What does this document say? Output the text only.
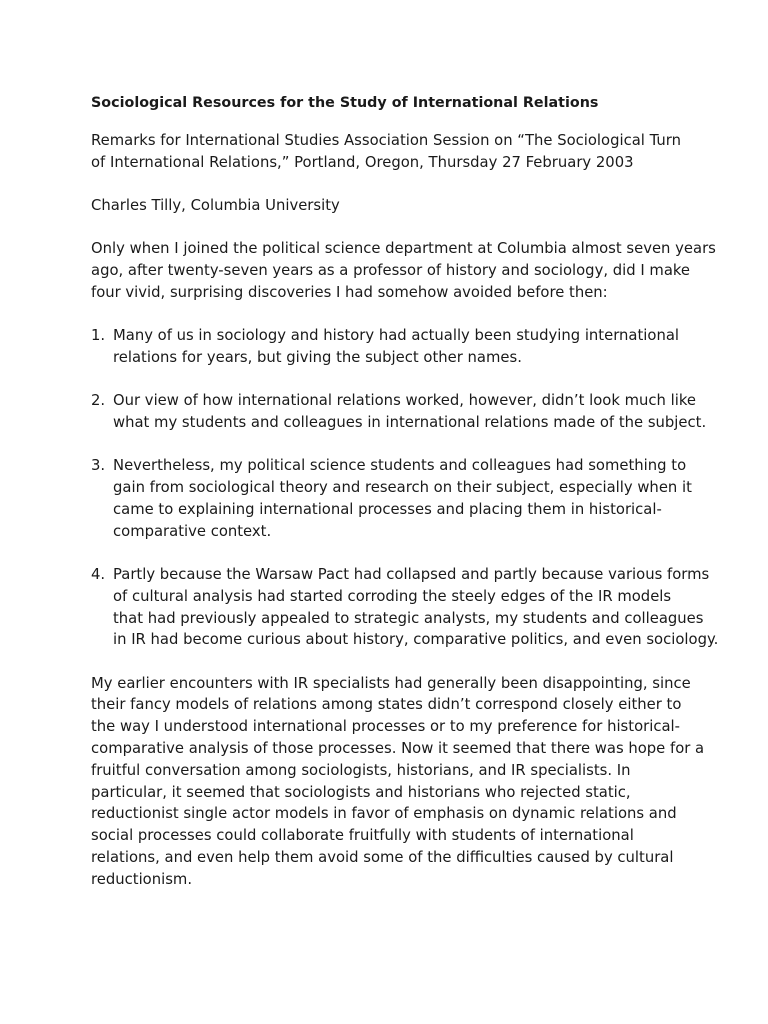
Sociological Resources for the Study of International Relations
Remarks for International Studies Association Session on “The Sociological Turn
of International Relations,” Portland, Oregon, Thursday 27 February 2003
Charles Tilly, Columbia University
Only when I joined the political science department at Columbia almost seven years
ago, after twenty-seven years as a professor of history and sociology, did I make
four vivid, surprising discoveries I had somehow avoided before then:
1. Many of us in sociology and history had actually been studying international
relations for years, but giving the subject other names.
2. Our view of how international relations worked, however, didn’t look much like
what my students and colleagues in international relations made of the subject.
3. Nevertheless, my political science students and colleagues had something to
gain from sociological theory and research on their subject, especially when it
came to explaining international processes and placing them in historical-
comparative context.
4. Partly because the Warsaw Pact had collapsed and partly because various forms
of cultural analysis had started corroding the steely edges of the IR models
that had previously appealed to strategic analysts, my students and colleagues
in IR had become curious about history, comparative politics, and even sociology.
My earlier encounters with IR specialists had generally been disappointing, since
their fancy models of relations among states didn’t correspond closely either to
the way I understood international processes or to my preference for historical-
comparative analysis of those processes. Now it seemed that there was hope for a
fruitful conversation among sociologists, historians, and IR specialists. In
particular, it seemed that sociologists and historians who rejected static,
reductionist single actor models in favor of emphasis on dynamic relations and
social processes could collaborate fruitfully with students of international
relations, and even help them avoid some of the difficulties caused by cultural
reductionism.
